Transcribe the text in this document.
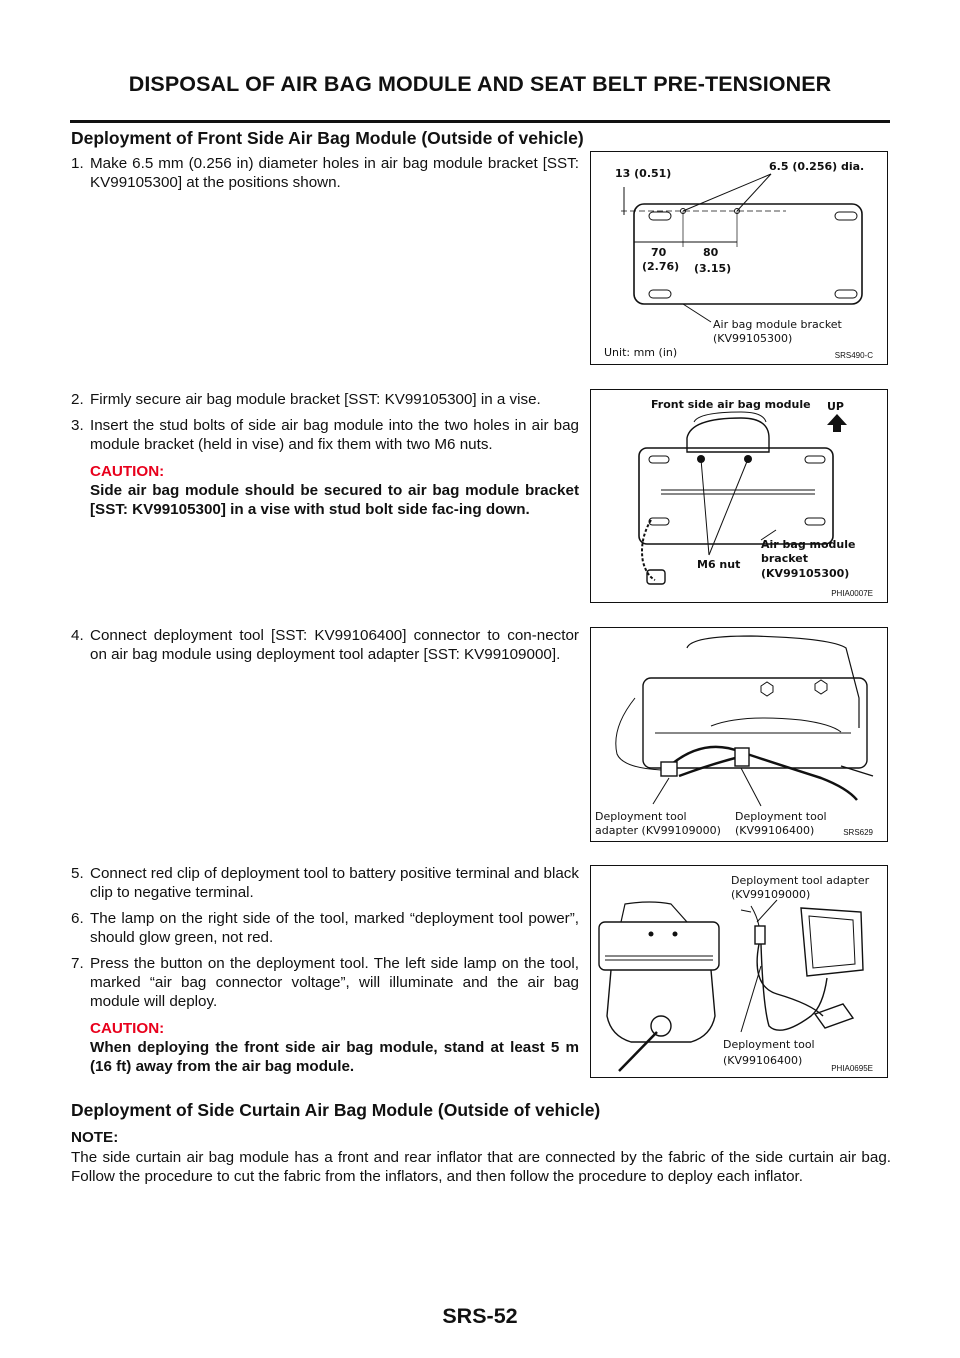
DISPOSAL OF AIR BAG MODULE AND SEAT BELT PRE-TENSIONER
Deployment of Front Side Air Bag Module (Outside of vehicle)

1. Make 6.5 mm (0.256 in) diameter holes in air bag module bracket [SST: KV99105300] at the positions shown.

2. Firmly secure air bag module bracket [SST: KV99105300] in a vise.

3. Insert the stud bolts of side air bag module into the two holes in air bag module bracket (held in vise) and fix them with two M6 nuts.

CAUTION:
Side air bag module should be secured to air bag module bracket [SST: KV99105300] in a vise with stud bolt side fac-ing down.

4. Connect deployment tool [SST: KV99106400] connector to con-nector on air bag module using deployment tool adapter [SST: KV99109000].

5. Connect red clip of deployment tool to battery positive terminal and black clip to negative terminal.

6. The lamp on the right side of the tool, marked “deployment tool power”, should glow green, not red.

7. Press the button on the deployment tool. The left side lamp on the tool, marked “air bag connector voltage”, will illuminate and the air bag module will deploy.

CAUTION:
When deploying the front side air bag module, stand at least 5 m (16 ft) away from the air bag module.
13 (0.51)
6.5 (0.256) dia.
70
(2.76)
80
(3.15)
Air bag module bracket
(KV99105300)
Unit: mm (in)	SRS490-C
Front side air bag module UP
M6 nut
Air bag module
bracket
(KV99105300)
PHIA0007E
Deployment tool
adapter (KV99109000)
Deployment tool
(KV99106400)	SRS629
Deployment tool adapter
(KV99109000)
Deployment tool
(KV99106400)
PHIA0695E
Deployment of Side Curtain Air Bag Module (Outside of vehicle)
NOTE:
The side curtain air bag module has a front and rear inflator that are connected by the fabric of the side curtain air bag. Follow the procedure to cut the fabric from the inflators, and then follow the procedure to deploy each inflator.
SRS-52
